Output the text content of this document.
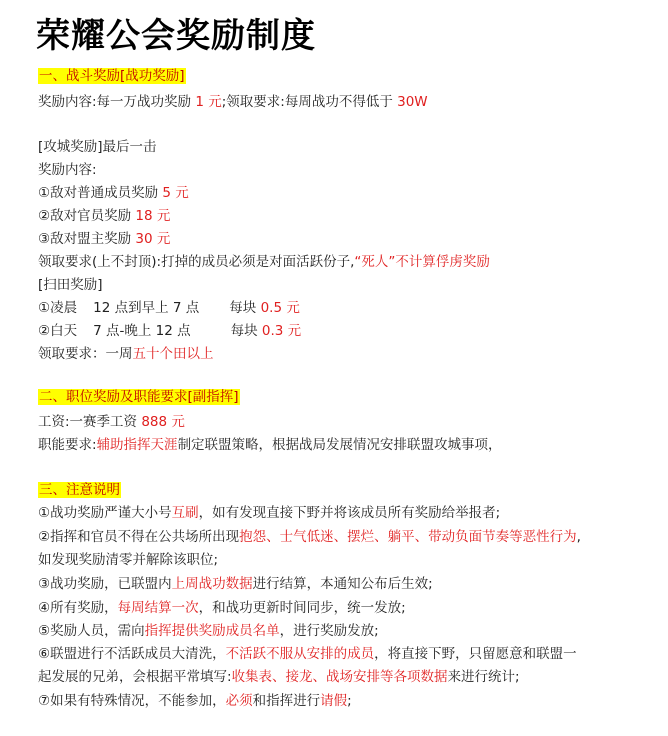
荣耀公会奖励制度
一、战斗奖励[战功奖励]
奖励内容:每一万战功奖励 1 元;领取要求:每周战功不得低于 30W
[攻城奖励]最后一击
奖励内容:
①敌对普通成员奖励 5 元
②敌对官员奖励 18 元
③敌对盟主奖励 30 元
领取要求(上不封顶):打掉的成员必须是对面活跃份子,“死人”不计算俘虏奖励
[扫田奖励]
①凌晨 12 点到早上 7 点 每块 0.5 元
②白天 7 点-晚上 12 点	每块 0.3 元
领取要求：一周五十个田以上
二、职位奖励及职能要求[副指挥]
工资:一赛季工资 888 元
职能要求:辅助指挥天涯制定联盟策略，根据战局发展情况安排联盟攻城事项，
三、注意说明
①战功奖励严谨大小号互刷，如有发现直接下野并将该成员所有奖励给举报者;
②指挥和官员不得在公共场所出现抱怨、士气低迷、摆烂、躺平、带动负面节奏等恶性行为,
如发现奖励清零并解除该职位;
③战功奖励，已联盟内上周战功数据进行结算，本通知公布后生效;
④所有奖励，每周结算一次，和战功更新时间同步，统一发放;
⑤奖励人员，需向指挥提供奖励成员名单，进行奖励发放;
⑥联盟进行不活跃成员大清洗，不活跃不服从安排的成员，将直接下野，只留愿意和联盟一
起发展的兄弟，会根据平常填写:收集表、接龙、战场安排等各项数据来进行统计;
⑦如果有特殊情况，不能参加，必须和指挥进行请假;
